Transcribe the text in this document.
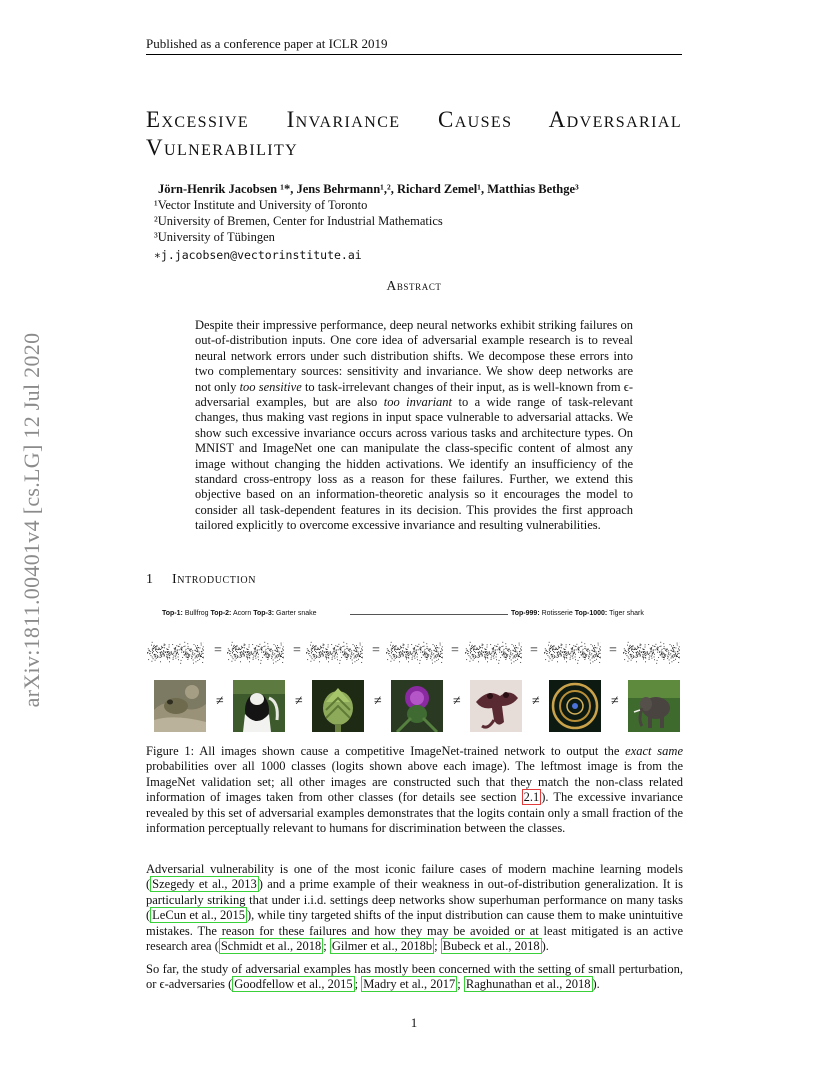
arXiv:1811.00401v4 [cs.LG] 12 Jul 2020
Published as a conference paper at ICLR 2019
Excessive Invariance Causes Adversarial
Vulnerability
Jörn-Henrik Jacobsen ¹*, Jens Behrmann¹,², Richard Zemel¹, Matthias Bethge³
¹Vector Institute and University of Toronto
²University of Bremen, Center for Industrial Mathematics
³University of Tübingen
∗j.jacobsen@vectorinstitute.ai
Abstract
Despite their impressive performance, deep neural networks exhibit striking failures on out-of-distribution inputs. One core idea of adversarial example research is to reveal neural network errors under such distribution shifts. We decompose these errors into two complementary sources: sensitivity and invariance. We show deep networks are not only too sensitive to task-irrelevant changes of their input, as is well-known from ϵ-adversarial examples, but are also too invariant to a wide range of task-relevant changes, thus making vast regions in input space vulnerable to adversarial attacks. We show such excessive invariance occurs across various tasks and architecture types. On MNIST and ImageNet one can manipulate the class-specific content of almost any image without changing the hidden activations. We identify an insufficiency of the standard cross-entropy loss as a reason for these failures. Further, we extend this objective based on an information-theoretic analysis so it encourages the model to consider all task-dependent features in its decision. This provides the first approach tailored explicitly to overcome excessive invariance and resulting vulnerabilities.
1 Introduction
Top-1: Bullfrog Top-2: Acorn Top-3: Garter snake	Top-999: Rotisserie Top-1000: Tiger shark
=	=	=	=	=	=
≠	≠	≠	≠	≠	≠
Figure 1: All images shown cause a competitive ImageNet-trained network to output the exact same probabilities over all 1000 classes (logits shown above each image). The leftmost image is from the ImageNet validation set; all other images are constructed such that they match the non-class related information of images taken from other classes (for details see section 2.1 ). The excessive invariance revealed by this set of adversarial examples demonstrates that the logits contain only a small fraction of the information perceptually relevant to humans for discrimination between the classes.
Adversarial vulnerability is one of the most iconic failure cases of modern machine learning models ( Szegedy et al., 2013 ) and a prime example of their weakness in out-of-distribution generalization. It is particularly striking that under i.i.d. settings deep networks show superhuman performance on many tasks ( LeCun et al., 2015 ), while tiny targeted shifts of the input distribution can cause them to make unintuitive mistakes. The reason for these failures and how they may be avoided or at least mitigated is an active research area ( Schmidt et al., 2018 ; Gilmer et al., 2018b ; Bubeck et al., 2018 ).
So far, the study of adversarial examples has mostly been concerned with the setting of small perturbation, or ϵ-adversaries ( Goodfellow et al., 2015 ; Madry et al., 2017 ; Raghunathan et al., 2018 ).
1
